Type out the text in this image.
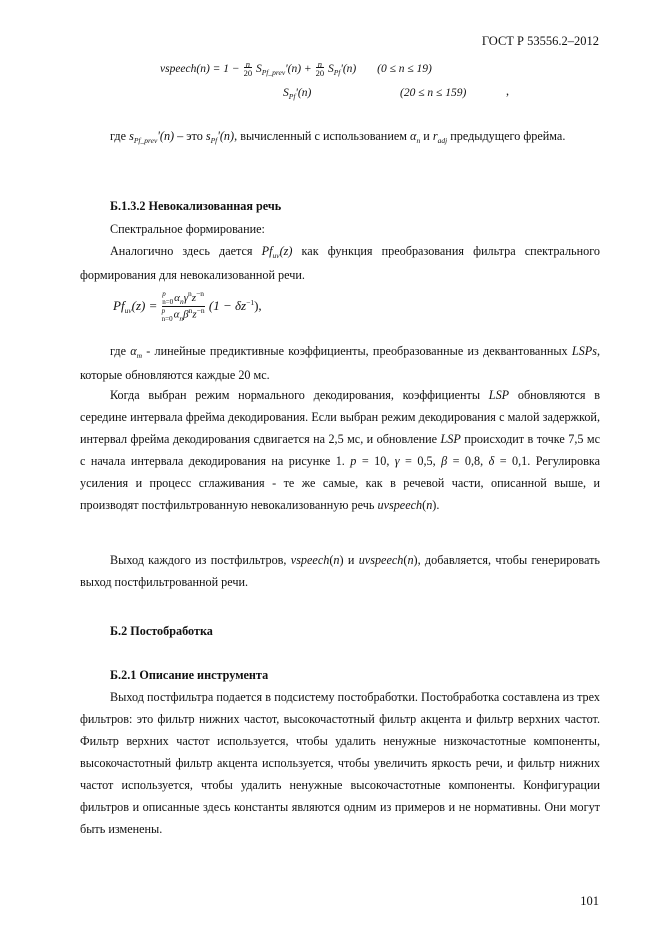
ГОСТ Р 53556.2–2012
vspeech(n) = $1 - \frac{n}{20} S_{Pf\_prev}'(n) + \frac{n}{20} S_{Pf}'(n) (0 \le n \le 19)$
$S_{Pf}'(n)$	(20 ≤ n ≤ 159)	,
где $s_{Pf\_prev}'(n)$ – это $s_{Pf}'(n)$, вычисленный с использованием $\alpha_n$ и $r_{adj}$ предыдущего фрейма.
Б.1.3.2 Невокализованная речь
Спектральное формирование:
Аналогично здесь дается $Pf_{uv}(z)$ как функция преобразования фильтра спектрального формирования для невокализованной речи.
$Pf_{uv}(z) = p$
$n=0\alpha_n\gamma^nz^{-n}$
p
$n=0\alpha_n\beta^nz^{-n}$ $(1 - \delta z^{-1})$,
где $\alpha_m$ - линейные предиктивные коэффициенты, преобразованные из деквантованных LSPs, которые обновляются каждые 20 мс.
Когда выбран режим нормального декодирования, коэффициенты LSP обновляются в середине интервала фрейма декодирования. Если выбран режим декодирования с малой задержкой, интервал фрейма декодирования сдвигается на 2,5 мс, и обновление LSP происходит в точке 7,5 мс с начала интервала декодирования на рисунке 1. p = 10, γ = 0,5, β = 0,8, δ = 0,1. Регулировка усиления и процесс сглаживания - те же самые, как в речевой части, описанной выше, и производят постфильтрованную невокализованную речь uvspeech(n).
Выход каждого из постфильтров, vspeech(n) и uvspeech(n), добавляется, чтобы генерировать выход постфильтрованной речи.
Б.2 Постобработка
Б.2.1 Описание инструмента
Выход постфильтра подается в подсистему постобработки. Постобработка составлена из трех фильтров: это фильтр нижних частот, высокочастотный фильтр акцента и фильтр верхних частот. Фильтр верхних частот используется, чтобы удалить ненужные низкочастотные компоненты, высокочастотный фильтр акцента используется, чтобы увеличить яркость речи, и фильтр нижних частот используется, чтобы удалить ненужные высокочастотные компоненты. Конфигурации фильтров и описанные здесь константы являются одним из примеров и не нормативны. Они могут быть изменены.
101
